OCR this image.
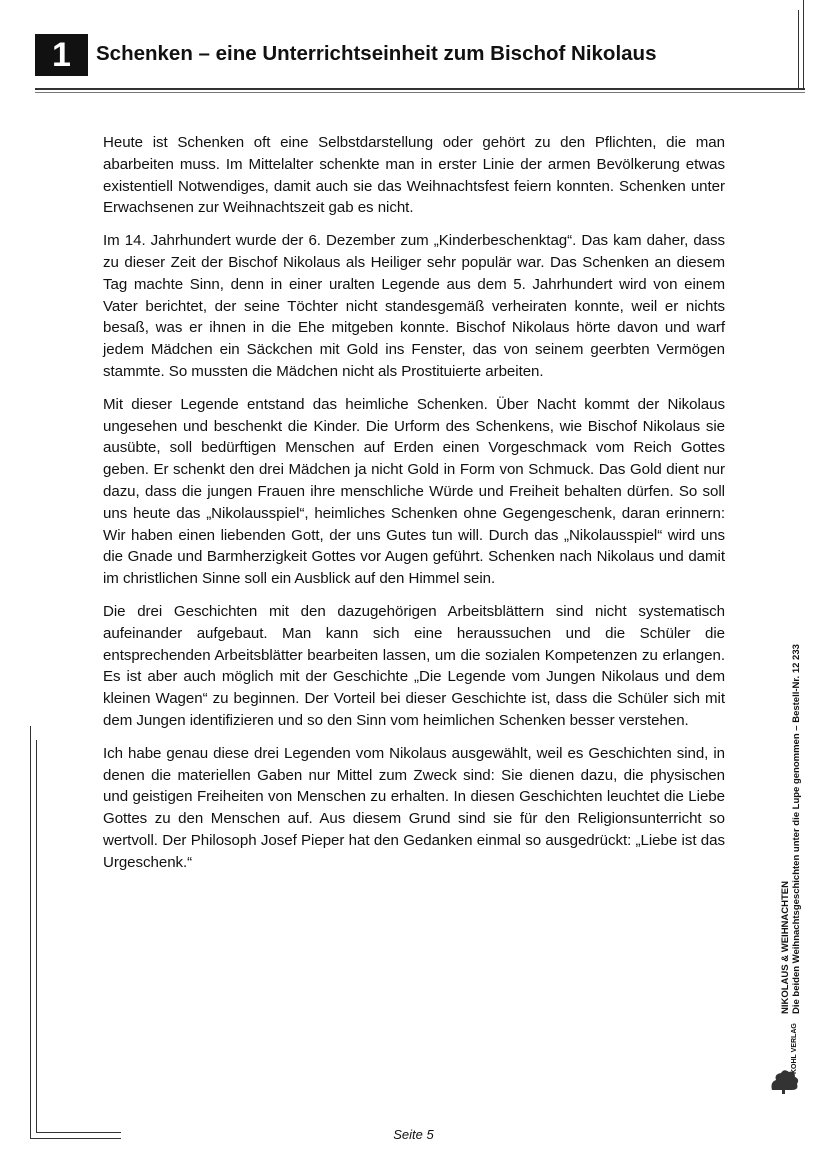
1	Schenken – eine Unterrichtseinheit zum Bischof Nikolaus

Heute ist Schenken oft eine Selbstdarstellung oder gehört zu den Pflichten, die man abarbeiten muss. Im Mittelalter schenkte man in erster Linie der armen Bevölkerung etwas existentiell Notwendiges, damit auch sie das Weihnachtsfest feiern konnten. Schenken unter Erwachsenen zur Weihnachtszeit gab es nicht.

Im 14. Jahrhundert wurde der 6. Dezember zum „Kinderbeschenktag“. Das kam daher, dass zu dieser Zeit der Bischof Nikolaus als Heiliger sehr populär war. Das Schenken an diesem Tag machte Sinn, denn in einer uralten Legende aus dem 5. Jahrhundert wird von einem Vater berichtet, der seine Töchter nicht standesgemäß verheiraten konnte, weil er nichts besaß, was er ihnen in die Ehe mitgeben konnte. Bischof Nikolaus hörte davon und warf jedem Mädchen ein Säckchen mit Gold ins Fenster, das von seinem geerbten Vermögen stammte. So mussten die Mädchen nicht als Prostituierte arbeiten.

Mit dieser Legende entstand das heimliche Schenken. Über Nacht kommt der Nikolaus ungesehen und beschenkt die Kinder. Die Urform des Schenkens, wie Bischof Nikolaus sie ausübte, soll bedürftigen Menschen auf Erden einen Vorgeschmack vom Reich Gottes geben. Er schenkt den drei Mädchen ja nicht Gold in Form von Schmuck. Das Gold dient nur dazu, dass die jungen Frauen ihre menschliche Würde und Freiheit behalten dürfen. So soll uns heute das „Nikolausspiel“, heimliches Schenken ohne Gegengeschenk, daran erinnern: Wir haben einen liebenden Gott, der uns Gutes tun will. Durch das „Nikolausspiel“ wird uns die Gnade und Barmherzigkeit Gottes vor Augen geführt. Schenken nach Nikolaus und damit im christlichen Sinne soll ein Ausblick auf den Himmel sein.

Die drei Geschichten mit den dazugehörigen Arbeitsblättern sind nicht systematisch aufeinander aufgebaut. Man kann sich eine heraussuchen und die Schüler die entsprechenden Arbeitsblätter bearbeiten lassen, um die sozialen Kompetenzen zu erlangen. Es ist aber auch möglich mit der Geschichte „Die Legende vom Jungen Nikolaus und dem kleinen Wagen“ zu beginnen. Der Vorteil bei dieser Geschichte ist, dass die Schüler sich mit dem Jungen identifizieren und so den Sinn vom heimlichen Schenken besser verstehen.

Ich habe genau diese drei Legenden vom Nikolaus ausgewählt, weil es Geschichten sind, in denen die materiellen Gaben nur Mittel zum Zweck sind: Sie dienen dazu, die physischen und geistigen Freiheiten von Menschen zu erhalten. In diesen Geschichten leuchtet die Liebe Gottes zu den Menschen auf. Aus diesem Grund sind sie für den Religionsunterricht so wertvoll. Der Philosoph Josef Pieper hat den Gedanken einmal so ausgedrückt: „Liebe ist das Urgeschenk.“

NIKOLAUS & WEIHNACHTEN Die beiden Weihnachtsgeschichten unter die Lupe genommen – Bestell-Nr. 12 233
KOHL VERLAG
Seite 5
